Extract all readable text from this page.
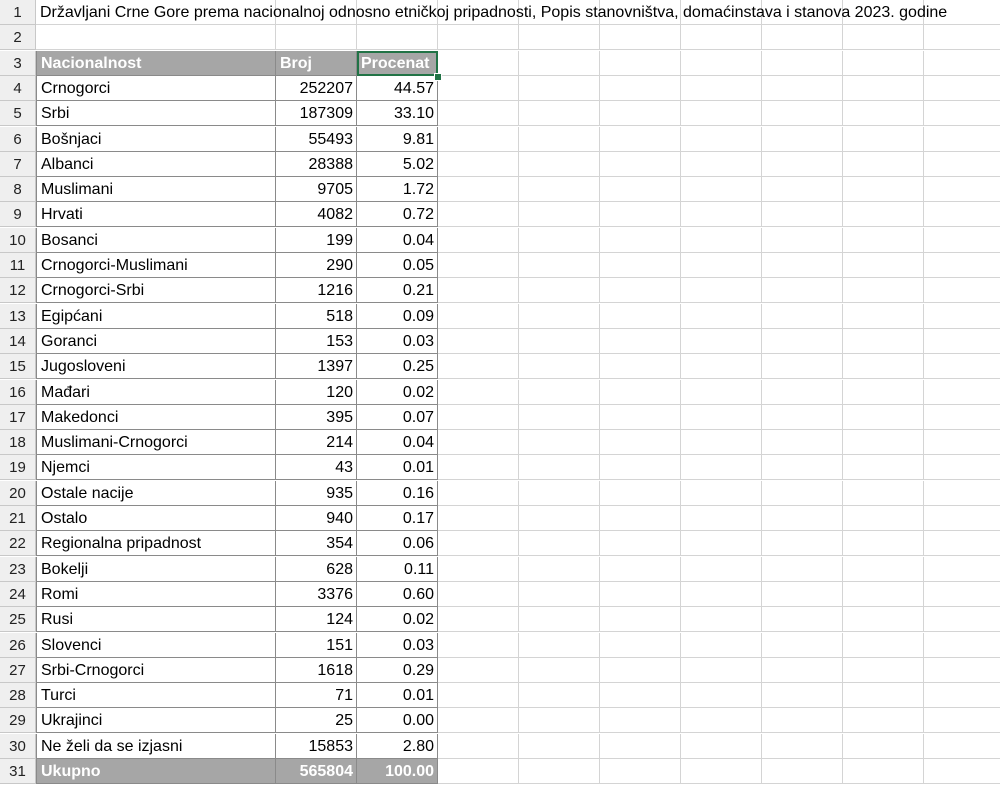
1	Državljani Crne Gore prema nacionalnoj odnosno etničkoj pripadnosti, Popis stanovništva, domaćinstava i stanova 2023. godine
2
3	Nacionalnost	Broj	Procenat
4	Crnogorci	252207	44.57
5	Srbi	187309	33.10
6	Bošnjaci	55493	9.81
7	Albanci	28388	5.02
8	Muslimani	9705	1.72
9	Hrvati	4082	0.72
10 Bosanci	199	0.04
11 Crnogorci-Muslimani	290	0.05
12 Crnogorci-Srbi	1216	0.21
13 Egipćani	518	0.09
14 Goranci	153	0.03
15 Jugosloveni	1397	0.25
16 Mađari	120	0.02
17 Makedonci	395	0.07
18 Muslimani-Crnogorci	214	0.04
19 Njemci	43	0.01
20 Ostale nacije	935	0.16
21 Ostalo	940	0.17
22 Regionalna pripadnost	354	0.06
23 Bokelji	628	0.11
24 Romi	3376	0.60
25 Rusi	124	0.02
26 Slovenci	151	0.03
27 Srbi-Crnogorci	1618	0.29
28 Turci	71	0.01
29 Ukrajinci	25	0.00
30 Ne želi da se izjasni	15853	2.80
31 Ukupno	565804	100.00
